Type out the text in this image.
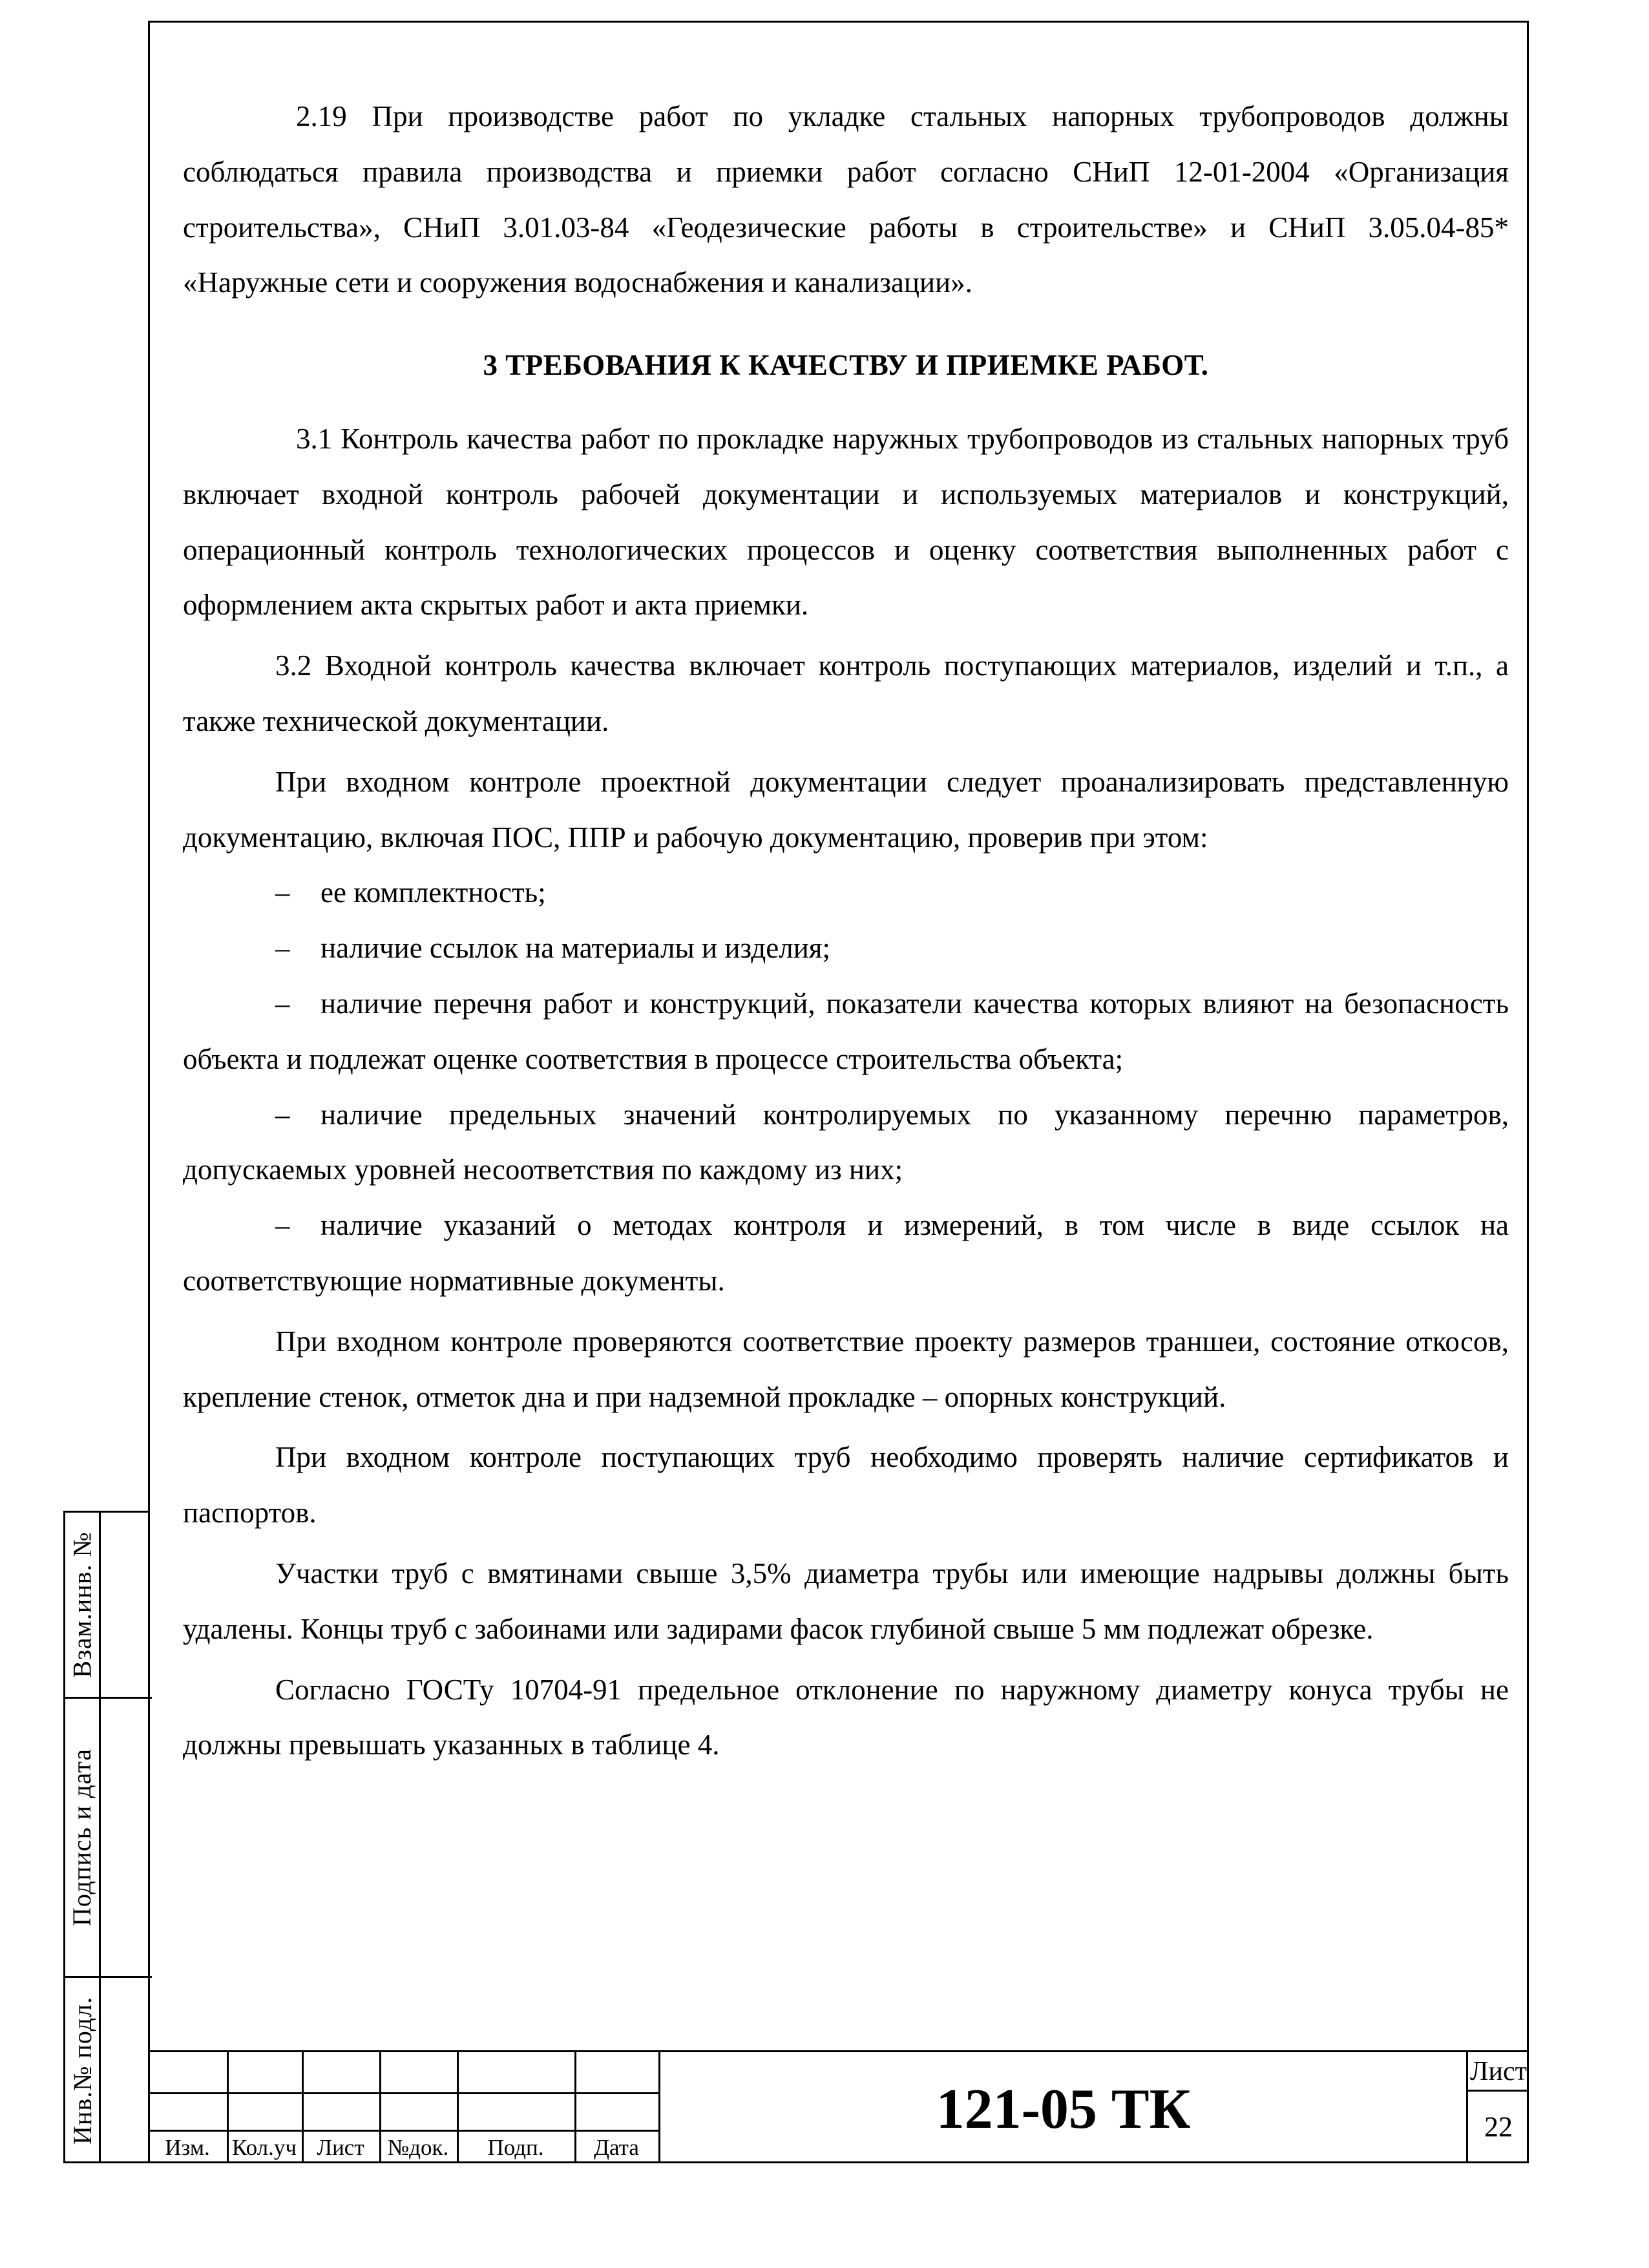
2.19 При производстве работ по укладке стальных напорных трубопроводов должны соблюдаться правила производства и приемки работ согласно СНиП 12-01-2004 «Организация строительства», СНиП 3.01.03-84 «Геодезические работы в строительстве» и СНиП 3.05.04-85* «Наружные сети и сооружения водоснабжения и канализации».

3 ТРЕБОВАНИЯ К КАЧЕСТВУ И ПРИЕМКЕ РАБОТ.

3.1 Контроль качества работ по прокладке наружных трубопроводов из стальных напорных труб включает входной контроль рабочей документации и используемых материалов и конструкций, операционный контроль технологических процессов и оценку соответствия выполненных работ с оформлением акта скрытых работ и акта приемки.

3.2 Входной контроль качества включает контроль поступающих материалов, изделий и т.п., а также технической документации.

При входном контроле проектной документации следует проанализировать представленную документацию, включая ПОС, ППР и рабочую документацию, проверив при этом:

– ее комплектность;

– наличие ссылок на материалы и изделия;

– наличие перечня работ и конструкций, показатели качества которых влияют на безопасность объекта и подлежат оценке соответствия в процессе строительства объекта;

– наличие предельных значений контролируемых по указанному перечню параметров, допускаемых уровней несоответствия по каждому из них;

– наличие указаний о методах контроля и измерений, в том числе в виде ссылок на соответствующие нормативные документы.

При входном контроле проверяются соответствие проекту размеров траншеи, состояние откосов, крепление стенок, отметок дна и при надземной прокладке – опорных конструкций.

При входном контроле поступающих труб необходимо проверять наличие сертификатов и паспортов.

Участки труб с вмятинами свыше 3,5% диаметра трубы или имеющие надрывы должны быть удалены. Концы труб с забоинами или задирами фасок глубиной свыше 5 мм подлежат обрезке.

Согласно ГОСТу 10704-91 предельное отклонение по наружному диаметру конуса трубы не должны превышать указанных в таблице 4.

Взам.инв. №
Подпись и дата
Инв.№ подл.
Изм. Кол.уч Лист	№док.	Подп.	Дата
121-05 ТК
Лист
22
